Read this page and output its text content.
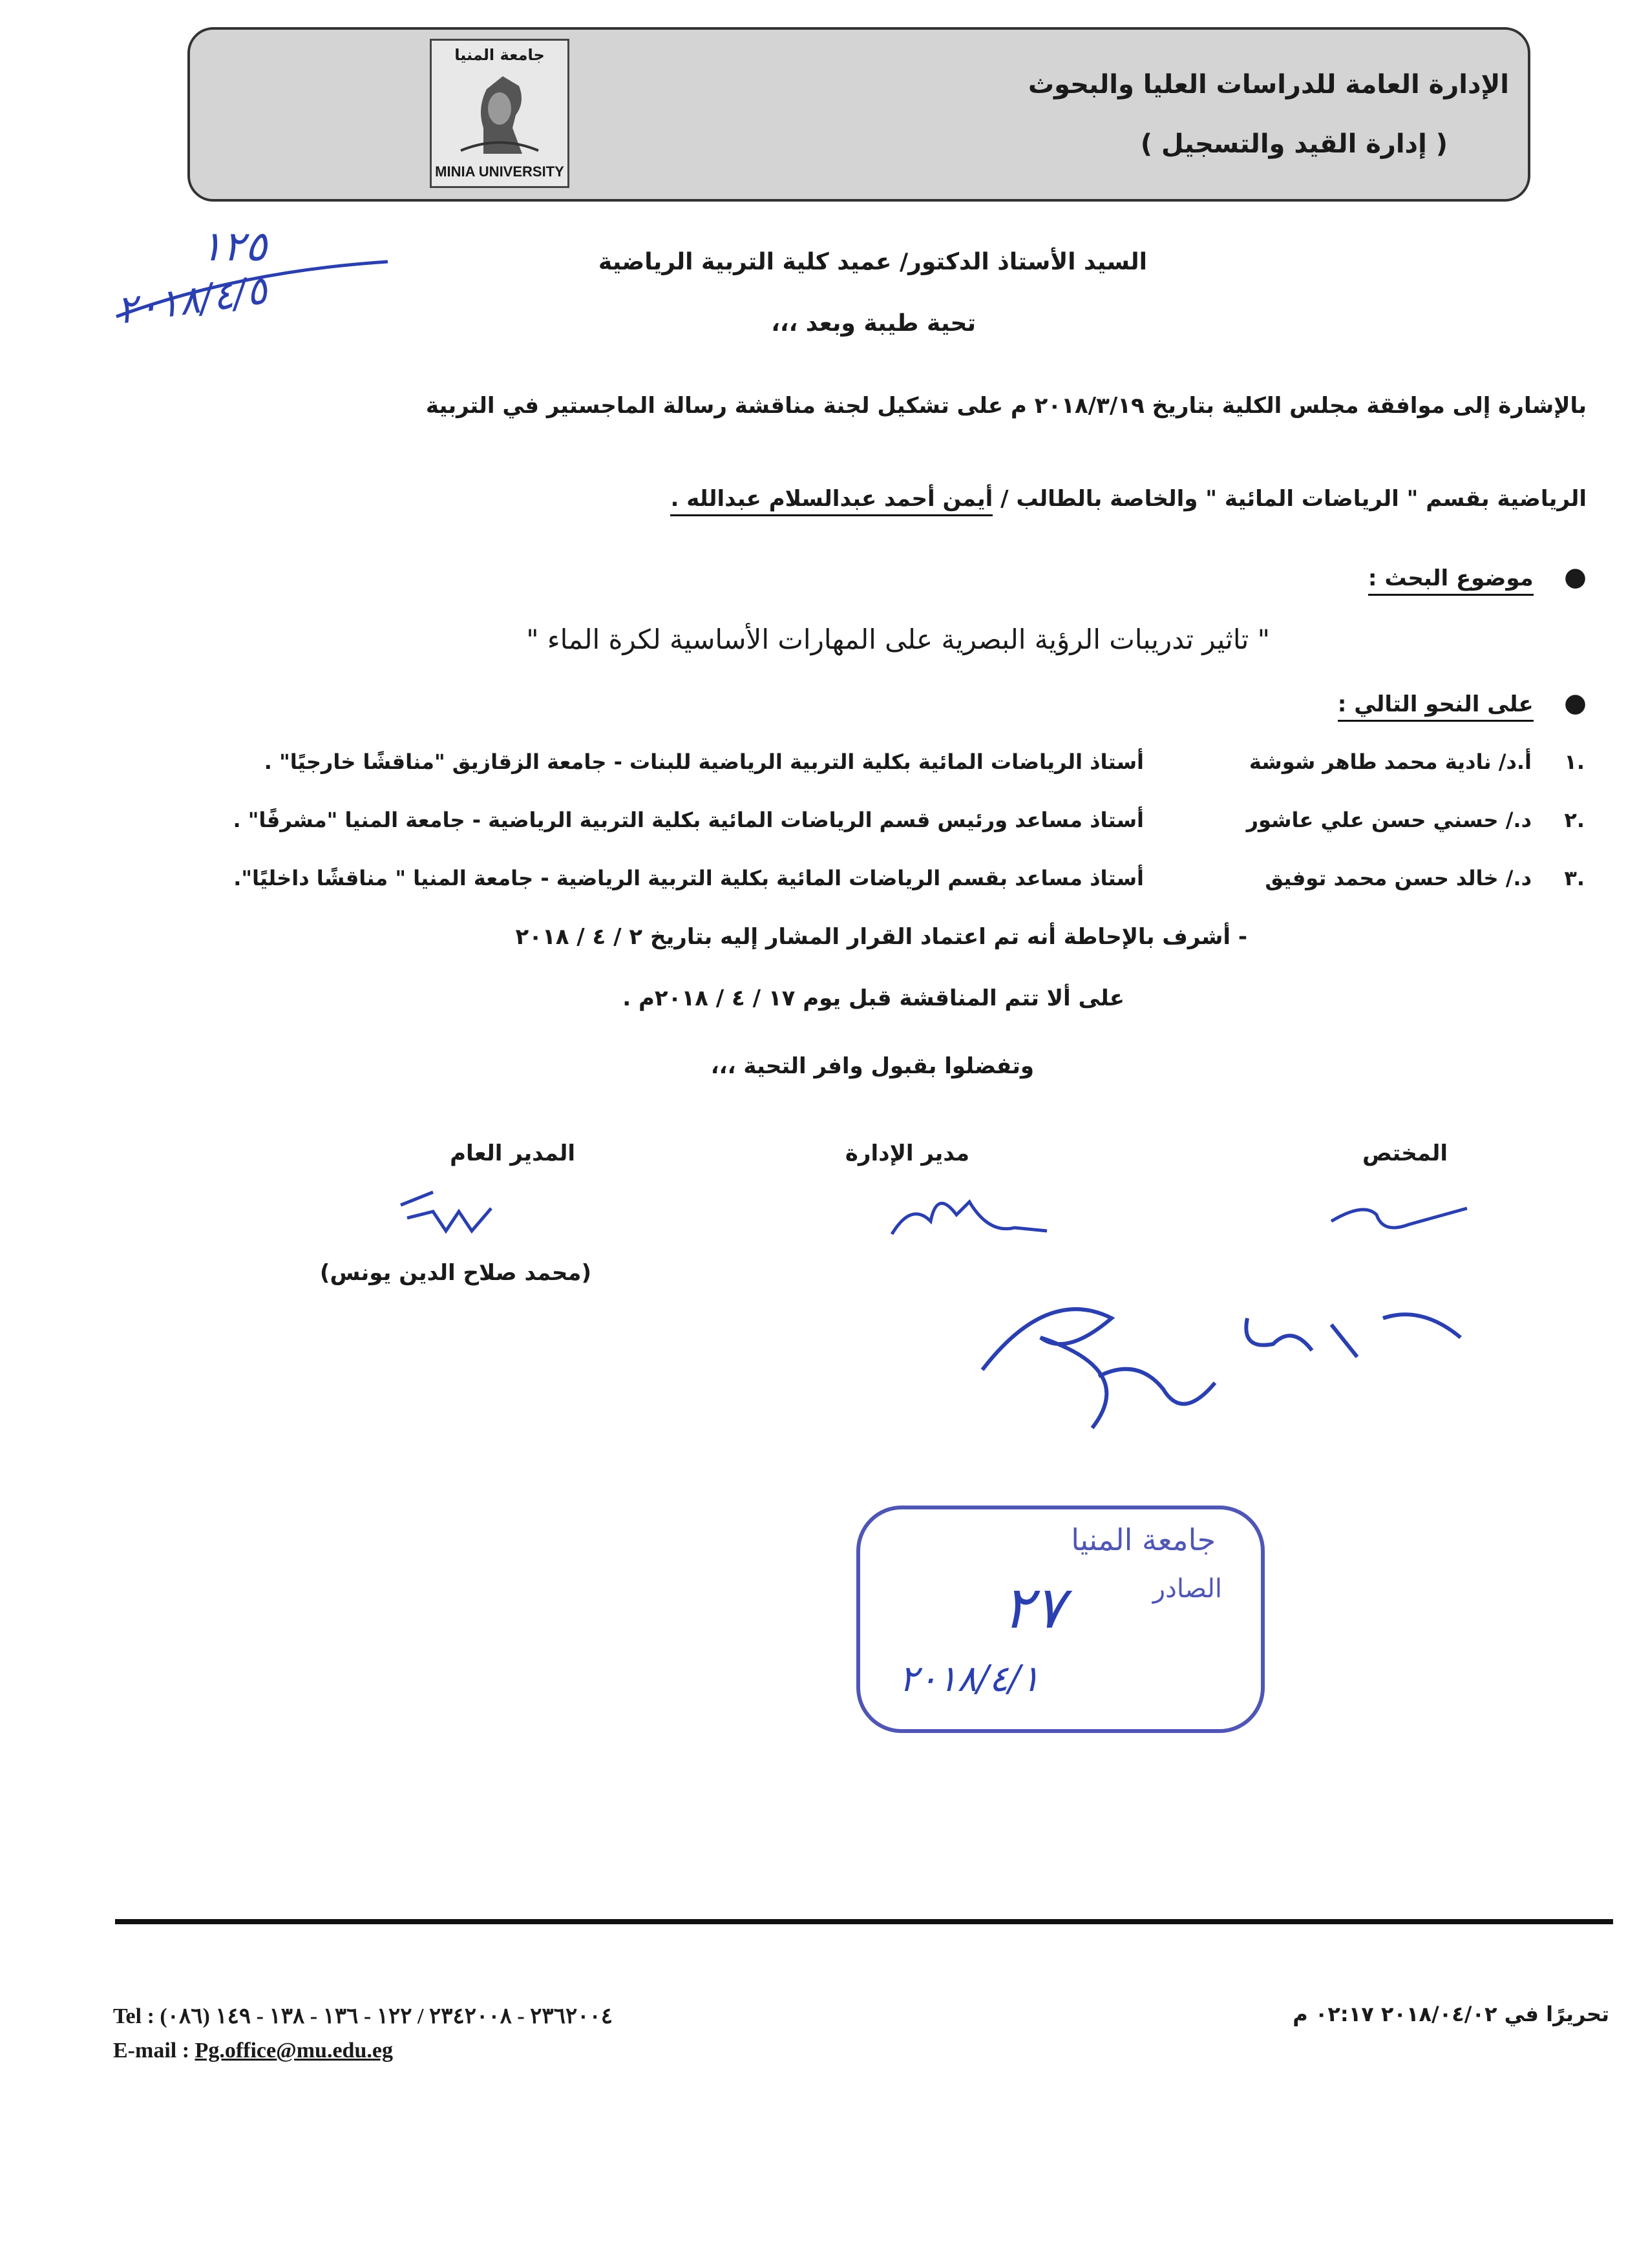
جامعة المنيا
MINIA UNIVERSITY
الإدارة العامة للدراسات العليا والبحوث
( إدارة القيد والتسجيل )
١٢٥
٢٠١٨/٤/٥
السيد الأستاذ الدكتور/ عميد كلية التربية الرياضية
تحية طيبة وبعد ،،،
بالإشارة إلى موافقة مجلس الكلية بتاريخ ٢٠١٨/٣/١٩ م على تشكيل لجنة مناقشة رسالة الماجستير في التربية
الرياضية بقسم " الرياضات المائية " والخاصة بالطالب / أيمن أحمد عبدالسلام عبدالله .
●    موضوع البحث :
" تاثير تدريبات الرؤية البصرية على المهارات الأساسية لكرة الماء "
●    على النحو التالي :
١.
أ.د/ نادية محمد طاهر شوشة
أستاذ الرياضات المائية بكلية التربية الرياضية للبنات - جامعة الزقازيق "مناقشًا خارجيًا" .
٢.
د./ حسني حسن علي عاشور
أستاذ مساعد ورئيس قسم الرياضات المائية بكلية التربية الرياضية - جامعة المنيا "مشرفًا" .
٣.
د./ خالد حسن محمد توفيق
أستاذ مساعد بقسم الرياضات المائية بكلية التربية الرياضية - جامعة المنيا " مناقشًا داخليًا".
- أشرف بالإحاطة أنه تم اعتماد القرار المشار إليه بتاريخ ٢ / ٤ / ٢٠١٨
على ألا تتم المناقشة قبل يوم ١٧ / ٤ / ٢٠١٨م .
وتفضلوا بقبول وافر التحية ،،،
المدير العام	مدير الإدارة	المختص
(محمد صلاح الدين يونس)
جامعة المنيا
الصادر
٢٧
٢٠١٨/٤/١
Tel : (٠٨٦) ٢٣٦٢٠٠٤ - ٢٣٤٢٠٠٨ / ١٢٢ - ١٣٦ - ١٣٨ - ١٤٩
E-mail : Pg.office@mu.edu.eg
تحريرًا في ٢٠١٨/٠٤/٠٢ ٠٢:١٧ م
